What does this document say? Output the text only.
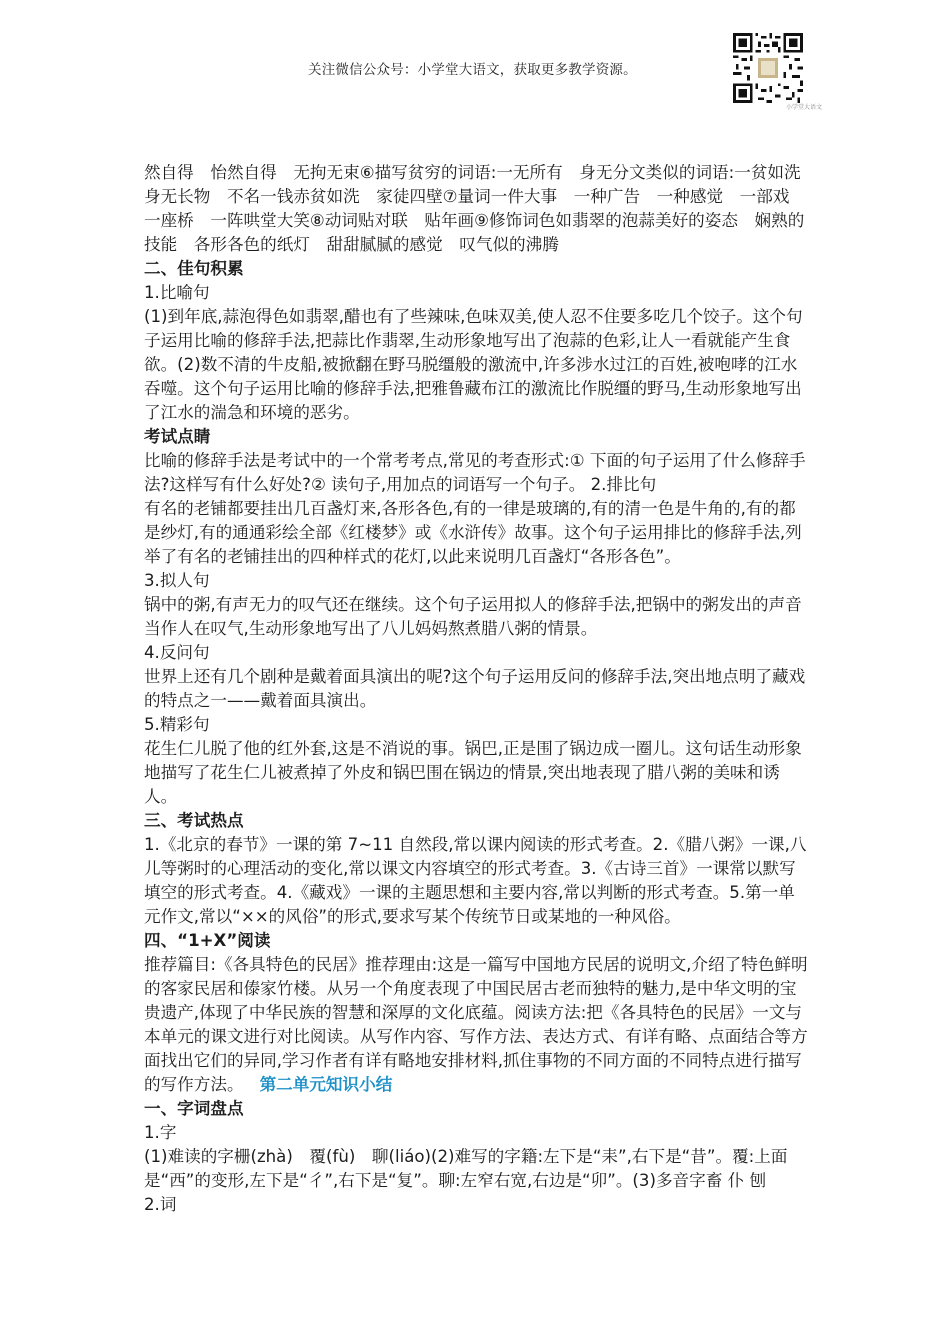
关注微信公众号：小学堂大语文，获取更多教学资源。
小学堂大语文

然自得　怡然自得　无拘无束⑥描写贫穷的词语:一无所有　身无分文类似的词语:一贫如洗　身无长物　不名一钱赤贫如洗　家徒四壁⑦量词一件大事　一种广告　一种感觉　一部戏　一座桥　一阵哄堂大笑⑧动词贴对联　贴年画⑨修饰词色如翡翠的泡蒜美好的姿态　娴熟的技能　各形各色的纸灯　甜甜腻腻的感觉　叹气似的沸腾

二、佳句积累

1.比喻句

(1)到年底,蒜泡得色如翡翠,醋也有了些辣味,色味双美,使人忍不住要多吃几个饺子。这个句子运用比喻的修辞手法,把蒜比作翡翠,生动形象地写出了泡蒜的色彩,让人一看就能产生食欲。(2)数不清的牛皮船,被掀翻在野马脱缰般的激流中,许多涉水过江的百姓,被咆哮的江水吞噬。这个句子运用比喻的修辞手法,把雅鲁藏布江的激流比作脱缰的野马,生动形象地写出了江水的湍急和环境的恶劣。

考试点睛

比喻的修辞手法是考试中的一个常考考点,常见的考查形式:① 下面的句子运用了什么修辞手法?这样写有什么好处?② 读句子,用加点的词语写一个句子。 2.排比句

有名的老铺都要挂出几百盏灯来,各形各色,有的一律是玻璃的,有的清一色是牛角的,有的都是纱灯,有的通通彩绘全部《红楼梦》或《水浒传》故事。这个句子运用排比的修辞手法,列举了有名的老铺挂出的四种样式的花灯,以此来说明几百盏灯“各形各色”。

3.拟人句

锅中的粥,有声无力的叹气还在继续。这个句子运用拟人的修辞手法,把锅中的粥发出的声音当作人在叹气,生动形象地写出了八儿妈妈熬煮腊八粥的情景。

4.反问句

世界上还有几个剧种是戴着面具演出的呢?这个句子运用反问的修辞手法,突出地点明了藏戏的特点之一——戴着面具演出。

5.精彩句

花生仁儿脱了他的红外套,这是不消说的事。锅巴,正是围了锅边成一圈儿。这句话生动形象地描写了花生仁儿被煮掉了外皮和锅巴围在锅边的情景,突出地表现了腊八粥的美味和诱人。

三、考试热点

1.《北京的春节》一课的第 7~11 自然段,常以课内阅读的形式考查。2.《腊八粥》一课,八儿等粥时的心理活动的变化,常以课文内容填空的形式考查。3.《古诗三首》一课常以默写填空的形式考查。4.《藏戏》一课的主题思想和主要内容,常以判断的形式考查。5.第一单元作文,常以“××的风俗”的形式,要求写某个传统节日或某地的一种风俗。

四、“1+X”阅读

推荐篇目:《各具特色的民居》推荐理由:这是一篇写中国地方民居的说明文,介绍了特色鲜明的客家民居和傣家竹楼。从另一个角度表现了中国民居古老而独特的魅力,是中华文明的宝贵遗产,体现了中华民族的智慧和深厚的文化底蕴。阅读方法:把《各具特色的民居》一文与本单元的课文进行对比阅读。从写作内容、写作方法、表达方式、有详有略、点面结合等方面找出它们的异同,学习作者有详有略地安排材料,抓住事物的不同方面的不同特点进行描写的写作方法。 第二单元知识小结

一、字词盘点

1.字

(1)难读的字栅(zhà)　覆(fù)　聊(liáo)(2)难写的字籍:左下是“耒”,右下是“昔”。覆:上面是“西”的变形,左下是“彳”,右下是“复”。聊:左窄右宽,右边是“卯”。(3)多音字畜 仆 刨

2.词
